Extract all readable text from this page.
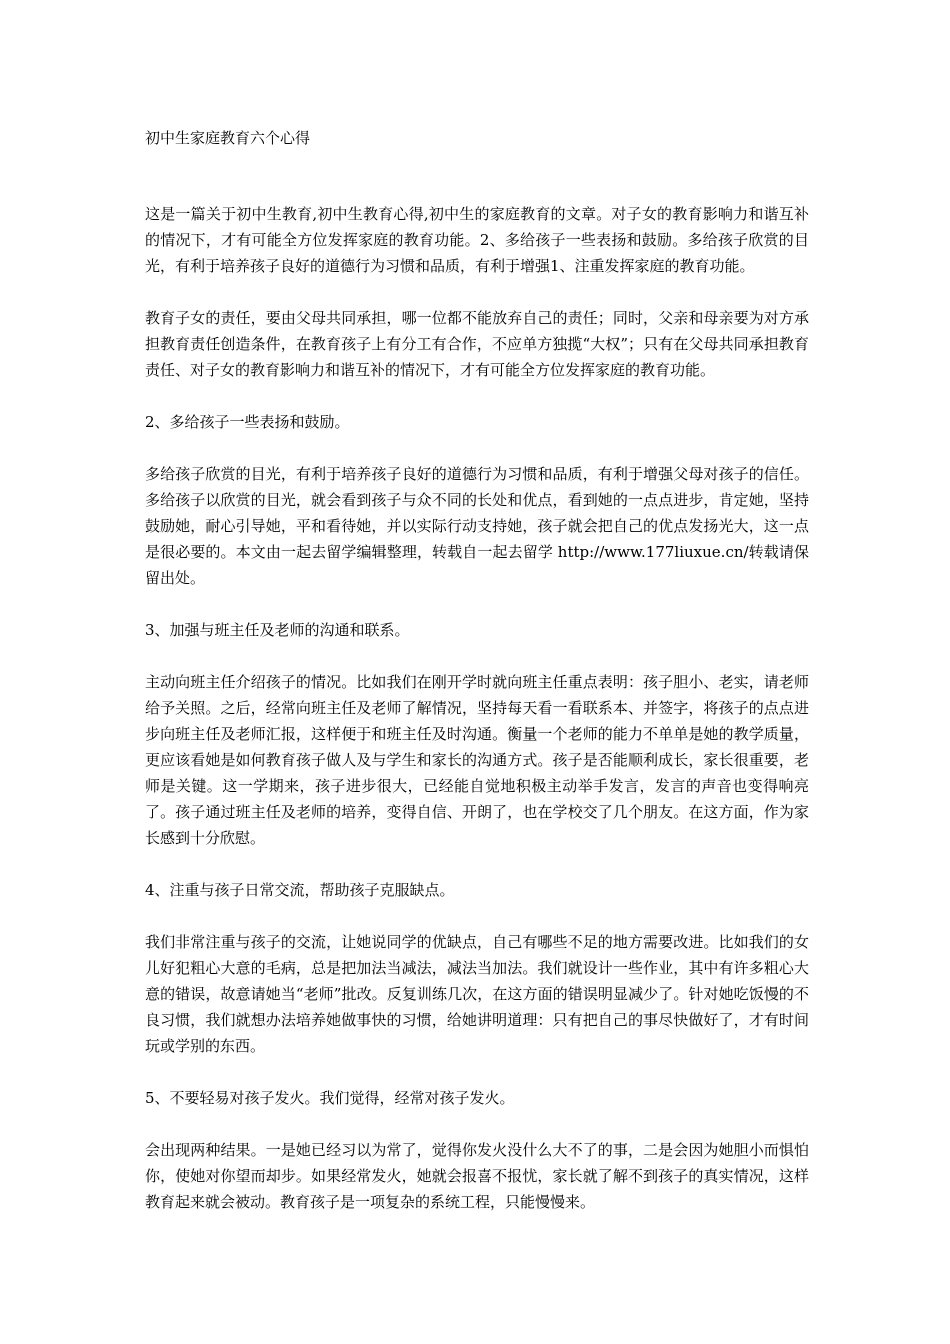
初中生家庭教育六个心得

这是一篇关于初中生教育,初中生教育心得,初中生的家庭教育的文章。对子女的教育影响力和谐互补的情况下，才有可能全方位发挥家庭的教育功能。2、多给孩子一些表扬和鼓励。多给孩子欣赏的目光，有利于培养孩子良好的道德行为习惯和品质，有利于增强1、注重发挥家庭的教育功能。

教育子女的责任，要由父母共同承担，哪一位都不能放弃自己的责任；同时，父亲和母亲要为对方承担教育责任创造条件，在教育孩子上有分工有合作，不应单方独揽“大权”；只有在父母共同承担教育责任、对子女的教育影响力和谐互补的情况下，才有可能全方位发挥家庭的教育功能。

2、多给孩子一些表扬和鼓励。

多给孩子欣赏的目光，有利于培养孩子良好的道德行为习惯和品质，有利于增强父母对孩子的信任。多给孩子以欣赏的目光，就会看到孩子与众不同的长处和优点，看到她的一点点进步，肯定她，坚持鼓励她，耐心引导她，平和看待她，并以实际行动支持她，孩子就会把自己的优点发扬光大，这一点是很必要的。本文由一起去留学编辑整理，转载自一起去留学 http://www.177liuxue.cn/转载请保留出处。

3、加强与班主任及老师的沟通和联系。

主动向班主任介绍孩子的情况。比如我们在刚开学时就向班主任重点表明：孩子胆小、老实，请老师给予关照。之后，经常向班主任及老师了解情况，坚持每天看一看联系本、并签字，将孩子的点点进步向班主任及老师汇报，这样便于和班主任及时沟通。衡量一个老师的能力不单单是她的教学质量，更应该看她是如何教育孩子做人及与学生和家长的沟通方式。孩子是否能顺利成长，家长很重要，老师是关键。这一学期来，孩子进步很大，已经能自觉地积极主动举手发言，发言的声音也变得响亮了。孩子通过班主任及老师的培养，变得自信、开朗了，也在学校交了几个朋友。在这方面，作为家长感到十分欣慰。

4、注重与孩子日常交流，帮助孩子克服缺点。

我们非常注重与孩子的交流，让她说同学的优缺点，自己有哪些不足的地方需要改进。比如我们的女儿好犯粗心大意的毛病，总是把加法当减法，减法当加法。我们就设计一些作业，其中有许多粗心大意的错误，故意请她当“老师”批改。反复训练几次，在这方面的错误明显减少了。针对她吃饭慢的不良习惯，我们就想办法培养她做事快的习惯，给她讲明道理：只有把自己的事尽快做好了，才有时间玩或学别的东西。

5、不要轻易对孩子发火。我们觉得，经常对孩子发火。

会出现两种结果。一是她已经习以为常了，觉得你发火没什么大不了的事，二是会因为她胆小而惧怕你，使她对你望而却步。如果经常发火，她就会报喜不报忧，家长就了解不到孩子的真实情况，这样教育起来就会被动。教育孩子是一项复杂的系统工程，只能慢慢来。
